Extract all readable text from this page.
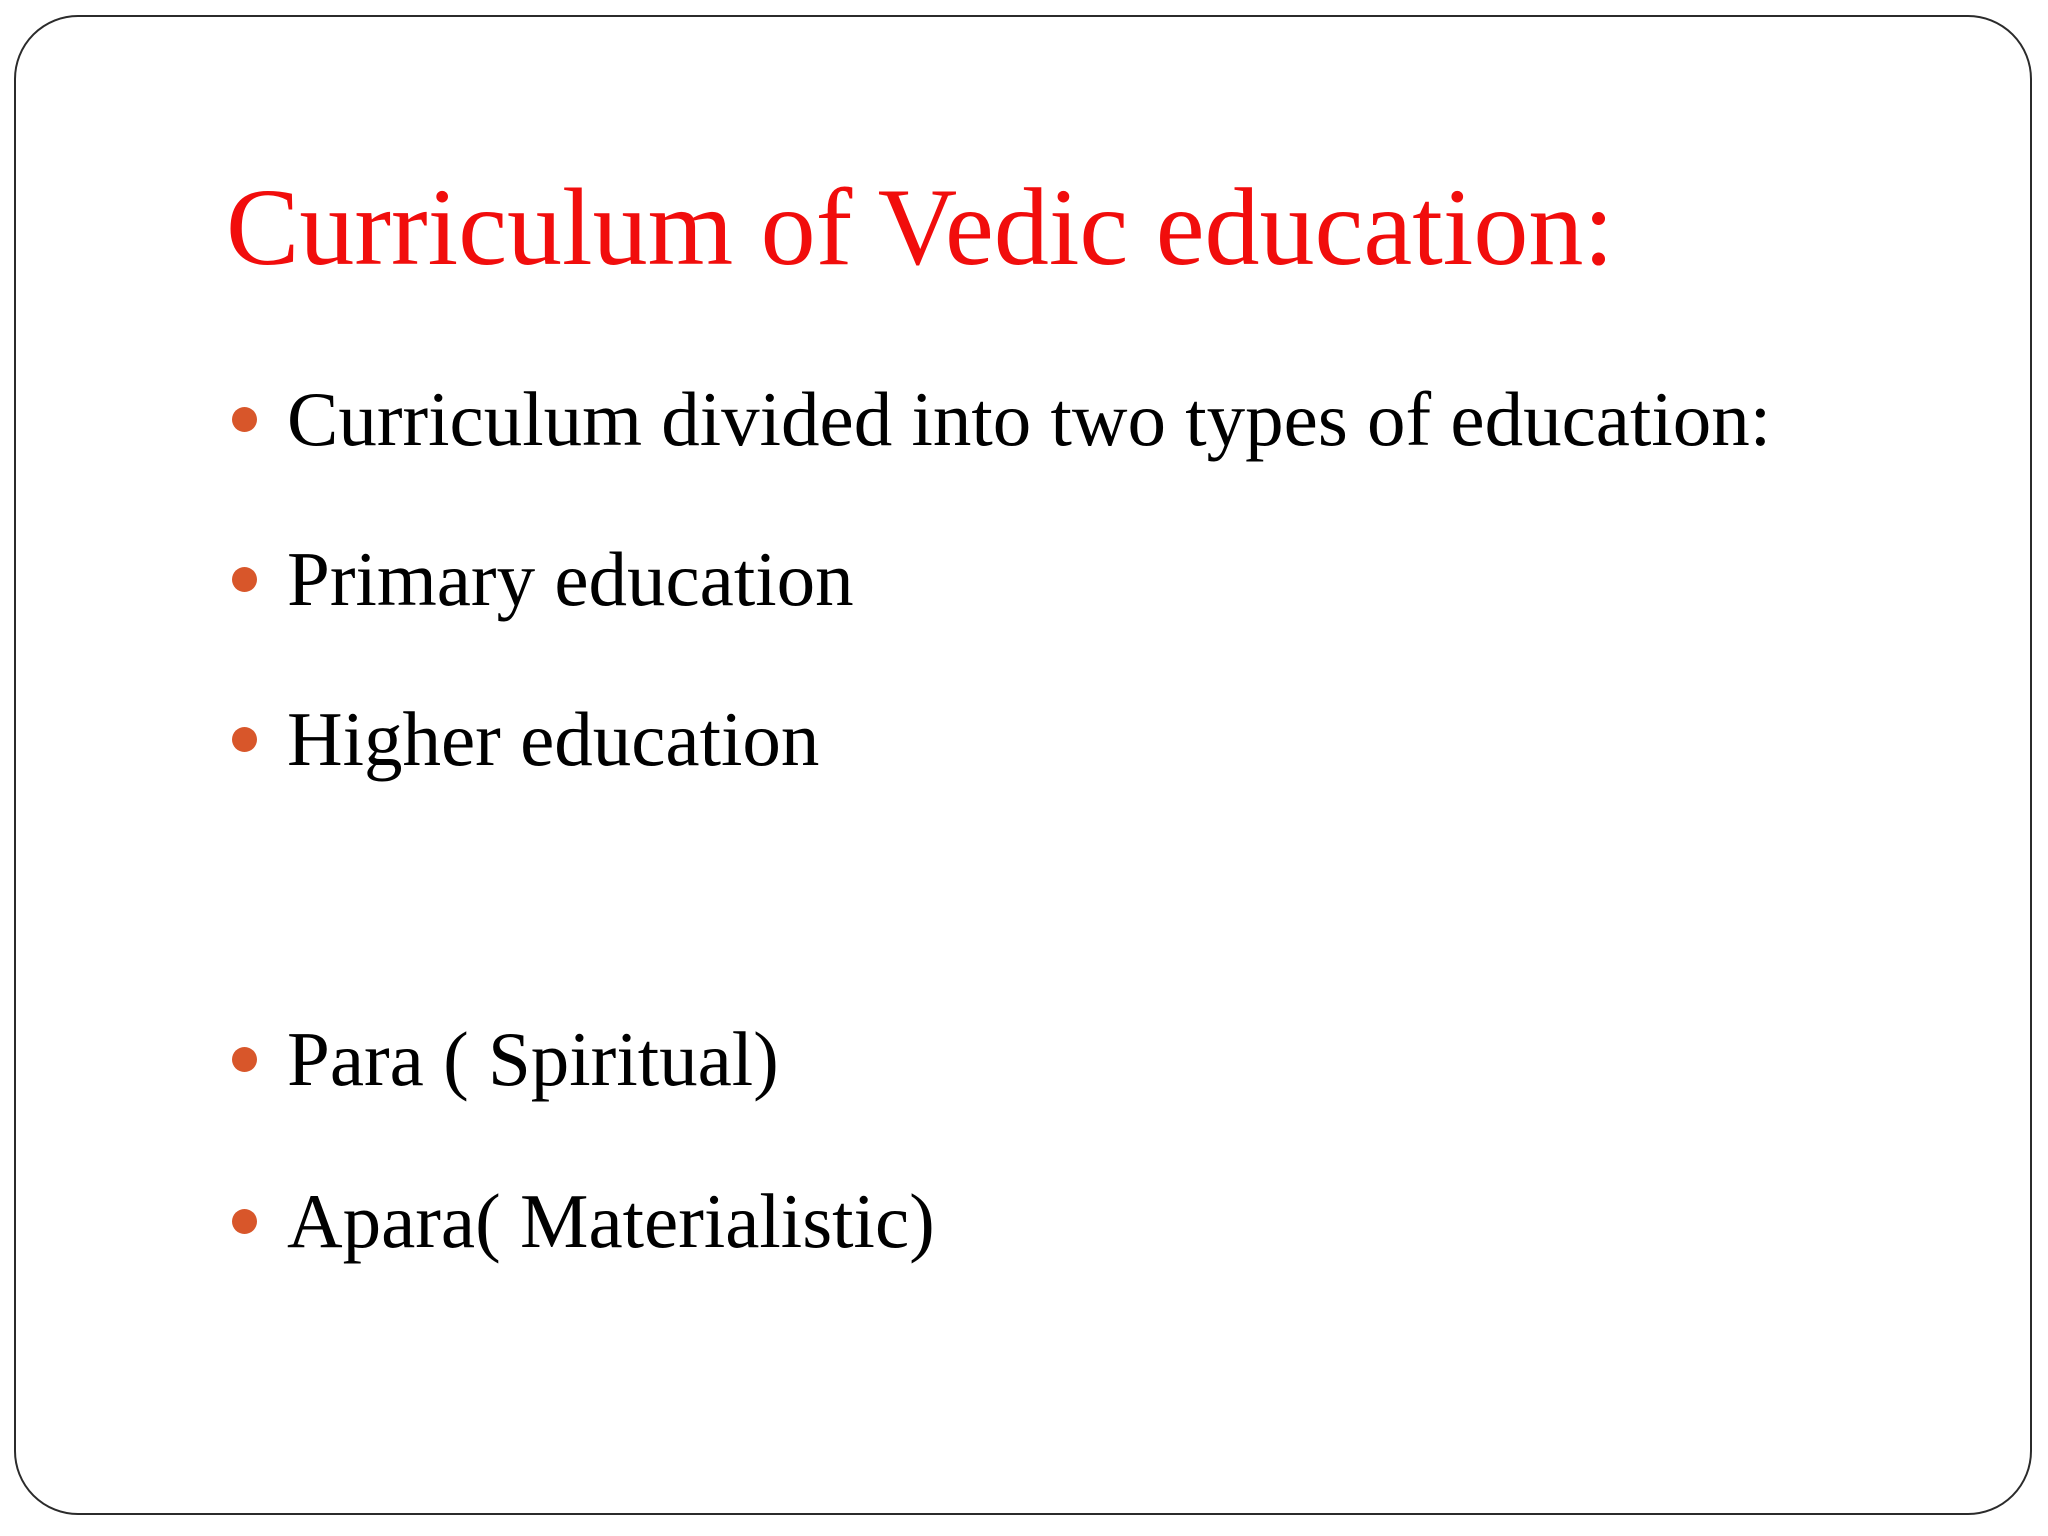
Curriculum of Vedic education:
Curriculum divided into two types of education:
Primary education
Higher education
Para ( Spiritual)
Apara( Materialistic)
